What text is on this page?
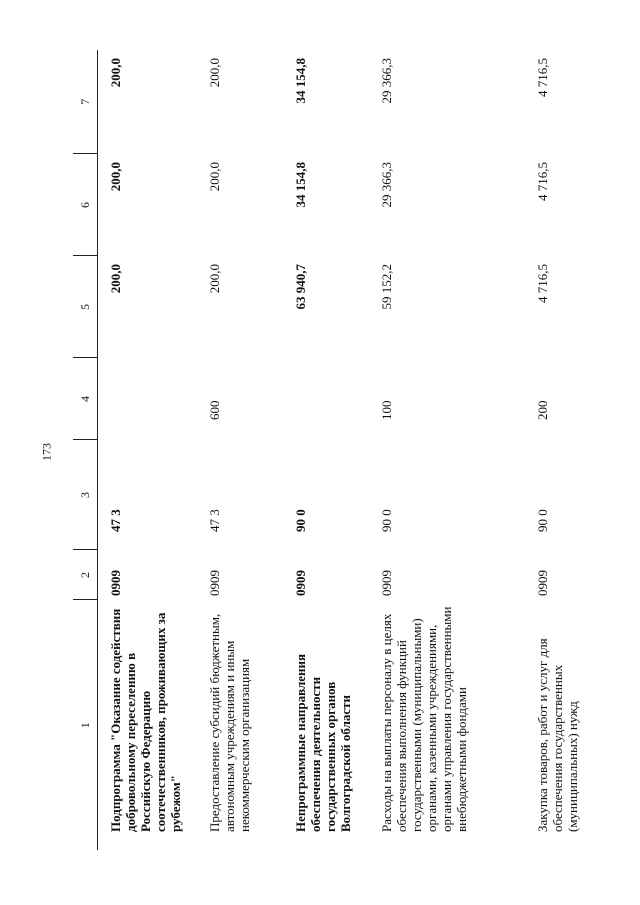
173
1	2	3	4	5	6	7
Подпрограмма "Оказание содействия добровольному переселению в Российскую Федерацию соотечественников, проживающих за рубежом"	0909	47 3		200,0	200,0	200,0
Предоставление субсидий бюджетным, автономным учреждениям и иным некоммерческим организациям	0909	47 3	600	200,0	200,0	200,0
Непрограммные направления обеспечения деятельности государственных органов Волгоградской области	0909	90 0		63 940,7	34 154,8	34 154,8
Расходы на выплаты персоналу в целях обеспечения выполнения функций государственными (муниципальными) органами, казенными учреждениями, органами управления государственными внебюджетными фондами	0909	90 0	100	59 152,2	29 366,3	29 366,3
Закупка товаров, работ и услуг для обеспечения государственных (муниципальных) нужд	0909	90 0	200	4 716,5	4 716,5	4 716,5
